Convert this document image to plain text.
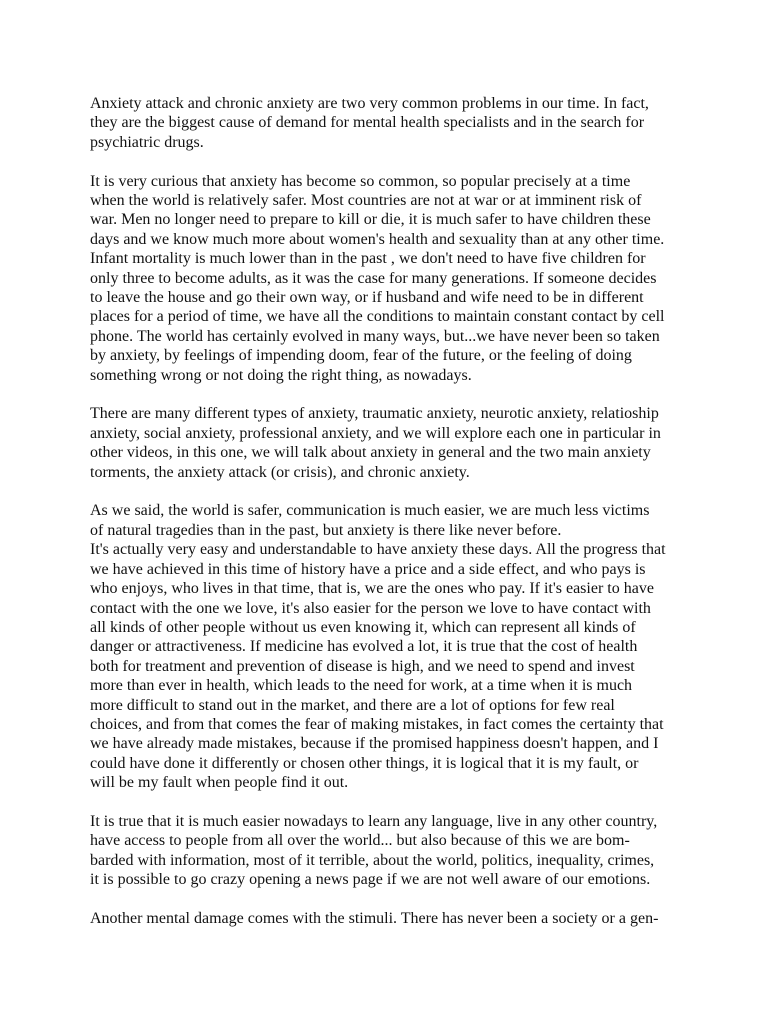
Anxiety attack and chronic anxiety are two very common problems in our time. In fact,
they are the biggest cause of demand for mental health specialists and in the search for
psychiatric drugs.
It is very curious that anxiety has become so common, so popular precisely at a time
when the world is relatively safer. Most countries are not at war or at imminent risk of
war. Men no longer need to prepare to kill or die, it is much safer to have children these
days and we know much more about women's health and sexuality than at any other time.
Infant mortality is much lower than in the past , we don't need to have five children for
only three to become adults, as it was the case for many generations. If someone decides
to leave the house and go their own way, or if husband and wife need to be in different
places for a period of time, we have all the conditions to maintain constant contact by cell
phone. The world has certainly evolved in many ways, but...we have never been so taken
by anxiety, by feelings of impending doom, fear of the future, or the feeling of doing
something wrong or not doing the right thing, as nowadays.
There are many different types of anxiety, traumatic anxiety, neurotic anxiety, relatioship
anxiety, social anxiety, professional anxiety, and we will explore each one in particular in
other videos, in this one, we will talk about anxiety in general and the two main anxiety
torments, the anxiety attack (or crisis), and chronic anxiety.
As we said, the world is safer, communication is much easier, we are much less victims
of natural tragedies than in the past, but anxiety is there like never before.
It's actually very easy and understandable to have anxiety these days. All the progress that
we have achieved in this time of history have a price and a side effect, and who pays is
who enjoys, who lives in that time, that is, we are the ones who pay. If it's easier to have
contact with the one we love, it's also easier for the person we love to have contact with
all kinds of other people without us even knowing it, which can represent all kinds of
danger or attractiveness. If medicine has evolved a lot, it is true that the cost of health
both for treatment and prevention of disease is high, and we need to spend and invest
more than ever in health, which leads to the need for work, at a time when it is much
more difficult to stand out in the market, and there are a lot of options for few real
choices, and from that comes the fear of making mistakes, in fact comes the certainty that
we have already made mistakes, because if the promised happiness doesn't happen, and I
could have done it differently or chosen other things, it is logical that it is my fault, or
will be my fault when people find it out.
It is true that it is much easier nowadays to learn any language, live in any other country,
have access to people from all over the world... but also because of this we are bom-
barded with information, most of it terrible, about the world, politics, inequality, crimes,
it is possible to go crazy opening a news page if we are not well aware of our emotions.
Another mental damage comes with the stimuli. There has never been a society or a gen-
